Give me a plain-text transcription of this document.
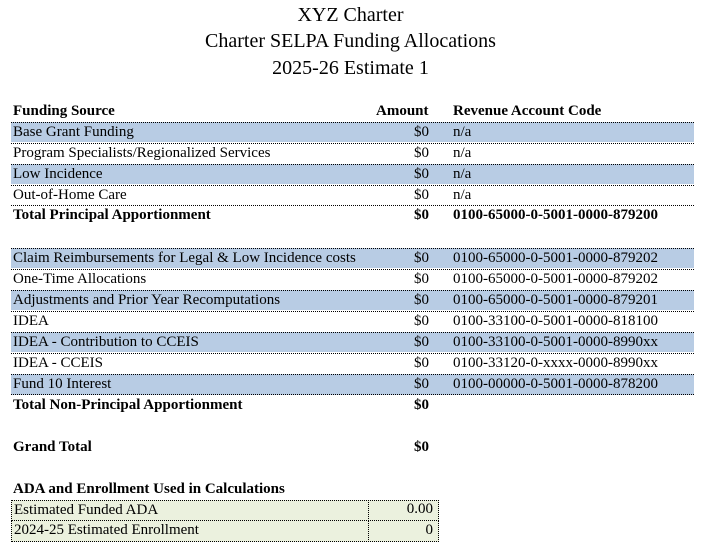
XYZ Charter
Charter SELPA Funding Allocations
2025-26 Estimate 1
Funding Source	Amount Revenue Account Code
Base Grant Funding	$0 n/a
Program Specialists/Regionalized Services	$0 n/a
Low Incidence	$0 n/a
Out-of-Home Care	$0 n/a
Total Principal Apportionment	$0 0100-65000-0-5001-0000-879200
Claim Reimbursements for Legal & Low Incidence costs	$0 0100-65000-0-5001-0000-879202
One-Time Allocations	$0 0100-65000-0-5001-0000-879202
Adjustments and Prior Year Recomputations	$0 0100-65000-0-5001-0000-879201
IDEA	$0 0100-33100-0-5001-0000-818100
IDEA - Contribution to CCEIS	$0 0100-33100-0-5001-0000-8990xx
IDEA - CCEIS	$0 0100-33120-0-xxxx-0000-8990xx
Fund 10 Interest	$0 0100-00000-0-5001-0000-878200
Total Non-Principal Apportionment	$0
Grand Total	$0
ADA and Enrollment Used in Calculations
Estimated Funded ADA	0.00
2024-25 Estimated Enrollment	0
